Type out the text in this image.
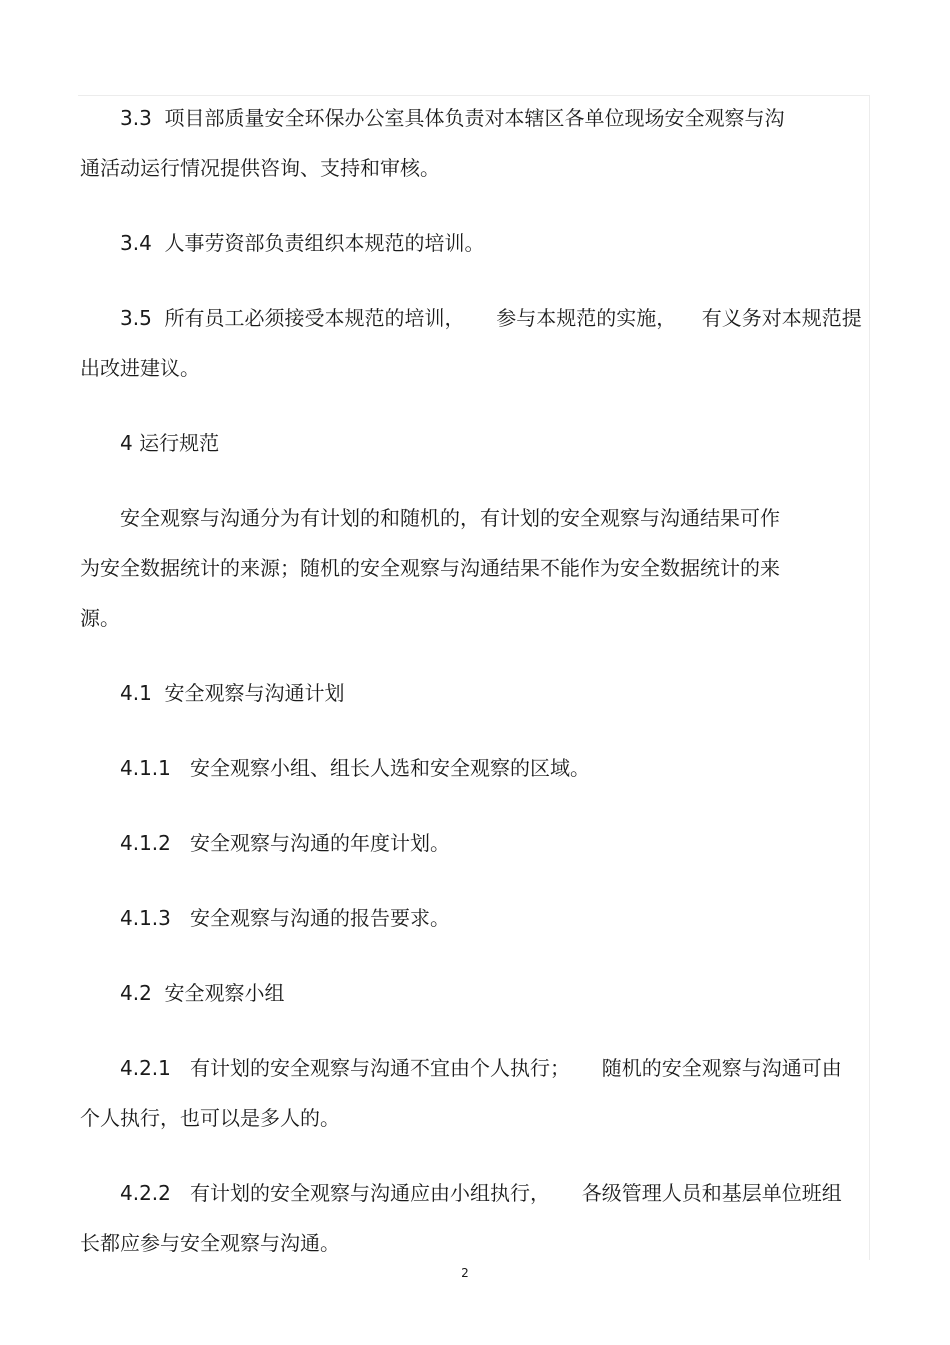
3.3  项目部质量安全环保办公室具体负责对本辖区各单位现场安全观察与沟
通活动运行情况提供咨询、支持和审核。
3.4  人事劳资部负责组织本规范的培训。
3.5  所有员工必须接受本规范的培训，     参与本规范的实施，    有义务对本规范提
出改进建议。
4 运行规范
安全观察与沟通分为有计划的和随机的，有计划的安全观察与沟通结果可作
为安全数据统计的来源；随机的安全观察与沟通结果不能作为安全数据统计的来
源。
4.1  安全观察与沟通计划
4.1.1   安全观察小组、组长人选和安全观察的区域。
4.1.2   安全观察与沟通的年度计划。
4.1.3   安全观察与沟通的报告要求。
4.2  安全观察小组
4.2.1   有计划的安全观察与沟通不宜由个人执行；     随机的安全观察与沟通可由
个人执行，也可以是多人的。
4.2.2   有计划的安全观察与沟通应由小组执行，     各级管理人员和基层单位班组
长都应参与安全观察与沟通。
2
